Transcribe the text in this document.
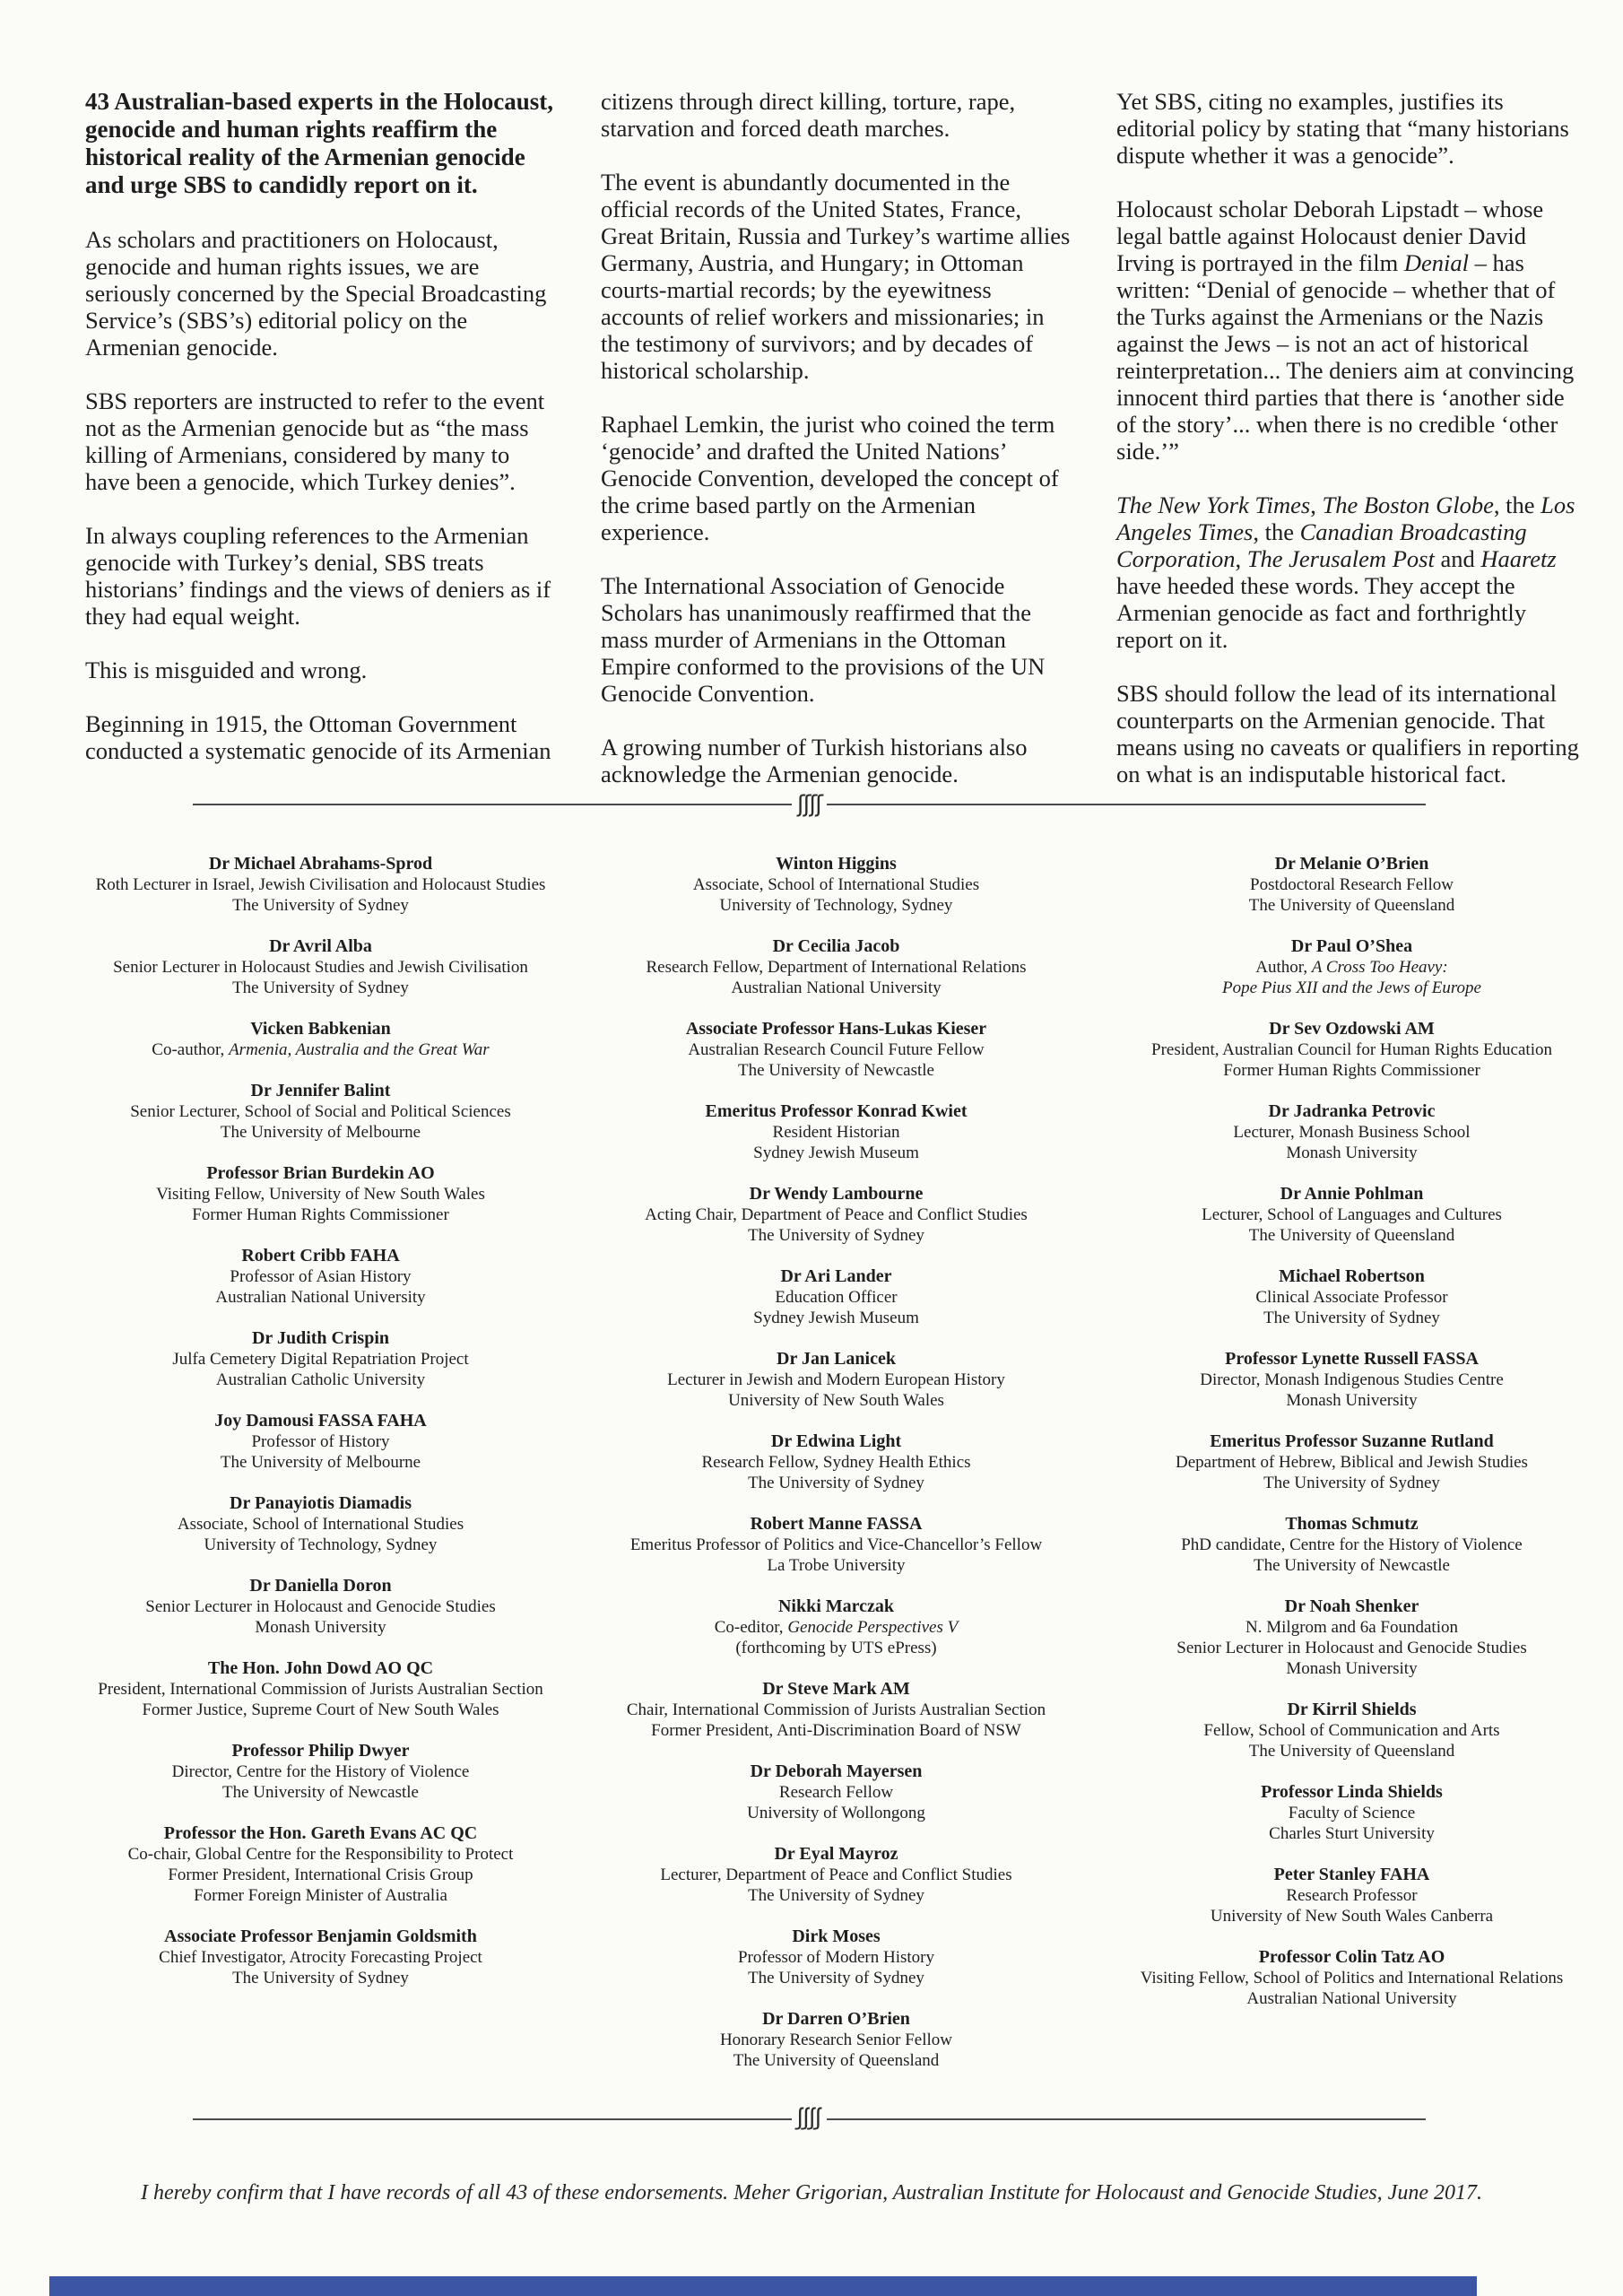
43 Australian-based experts in the Holocaust, genocide and human rights reaffirm the historical reality of the Armenian genocide and urge SBS to candidly report on it.

As scholars and practitioners on Holocaust, genocide and human rights issues, we are seriously concerned by the Special Broadcasting Service’s (SBS’s) editorial policy on the Armenian genocide.

SBS reporters are instructed to refer to the event not as the Armenian genocide but as “the mass killing of Armenians, considered by many to have been a genocide, which Turkey denies”.

In always coupling references to the Armenian genocide with Turkey’s denial, SBS treats historians’ findings and the views of deniers as if they had equal weight.

This is misguided and wrong.

Beginning in 1915, the Ottoman Government conducted a systematic genocide of its Armenian

citizens through direct killing, torture, rape, starvation and forced death marches.

The event is abundantly documented in the official records of the United States, France, Great Britain, Russia and Turkey’s wartime allies Germany, Austria, and Hungary; in Ottoman courts-martial records; by the eyewitness accounts of relief workers and missionaries; in the testimony of survivors; and by decades of historical scholarship.

Raphael Lemkin, the jurist who coined the term ‘genocide’ and drafted the United Nations’ Genocide Convention, developed the concept of the crime based partly on the Armenian experience.

The International Association of Genocide Scholars has unanimously reaffirmed that the mass murder of Armenians in the Ottoman Empire conformed to the provisions of the UN Genocide Convention.

A growing number of Turkish historians also acknowledge the Armenian genocide.

Yet SBS, citing no examples, justifies its editorial policy by stating that “many historians dispute whether it was a genocide”.

Holocaust scholar Deborah Lipstadt – whose legal battle against Holocaust denier David Irving is portrayed in the film Denial – has written: “Denial of genocide – whether that of the Turks against the Armenians or the Nazis against the Jews – is not an act of historical reinterpretation... The deniers aim at convincing innocent third parties that there is ‘another side of the story’... when there is no credible ‘other side.’”

The New York Times, The Boston Globe, the Los Angeles Times, the Canadian Broadcasting Corporation, The Jerusalem Post and Haaretz have heeded these words. They accept the Armenian genocide as fact and forthrightly report on it.

SBS should follow the lead of its international counterparts on the Armenian genocide. That means using no caveats or qualifiers in reporting on what is an indisputable historical fact.

ʃʃʃʃ
Dr Michael Abrahams-Sprod
Roth Lecturer in Israel, Jewish Civilisation and Holocaust Studies
The University of Sydney
Dr Avril Alba
Senior Lecturer in Holocaust Studies and Jewish Civilisation
The University of Sydney
Vicken Babkenian
Co-author, Armenia, Australia and the Great War
Dr Jennifer Balint
Senior Lecturer, School of Social and Political Sciences
The University of Melbourne
Professor Brian Burdekin AO
Visiting Fellow, University of New South Wales
Former Human Rights Commissioner
Robert Cribb FAHA
Professor of Asian History
Australian National University
Dr Judith Crispin
Julfa Cemetery Digital Repatriation Project
Australian Catholic University
Joy Damousi FASSA FAHA
Professor of History
The University of Melbourne
Dr Panayiotis Diamadis
Associate, School of International Studies
University of Technology, Sydney
Dr Daniella Doron
Senior Lecturer in Holocaust and Genocide Studies
Monash University
The Hon. John Dowd AO QC
President, International Commission of Jurists Australian Section
Former Justice, Supreme Court of New South Wales
Professor Philip Dwyer
Director, Centre for the History of Violence
The University of Newcastle
Professor the Hon. Gareth Evans AC QC
Co-chair, Global Centre for the Responsibility to Protect
Former President, International Crisis Group
Former Foreign Minister of Australia
Associate Professor Benjamin Goldsmith
Chief Investigator, Atrocity Forecasting Project
The University of Sydney
Winton Higgins
Associate, School of International Studies
University of Technology, Sydney
Dr Cecilia Jacob
Research Fellow, Department of International Relations
Australian National University
Associate Professor Hans-Lukas Kieser
Australian Research Council Future Fellow
The University of Newcastle
Emeritus Professor Konrad Kwiet
Resident Historian
Sydney Jewish Museum
Dr Wendy Lambourne
Acting Chair, Department of Peace and Conflict Studies
The University of Sydney
Dr Ari Lander
Education Officer
Sydney Jewish Museum
Dr Jan Lanicek
Lecturer in Jewish and Modern European History
University of New South Wales
Dr Edwina Light
Research Fellow, Sydney Health Ethics
The University of Sydney
Robert Manne FASSA
Emeritus Professor of Politics and Vice-Chancellor’s Fellow
La Trobe University
Nikki Marczak
Co-editor, Genocide Perspectives V
(forthcoming by UTS ePress)
Dr Steve Mark AM
Chair, International Commission of Jurists Australian Section
Former President, Anti-Discrimination Board of NSW
Dr Deborah Mayersen
Research Fellow
University of Wollongong
Dr Eyal Mayroz
Lecturer, Department of Peace and Conflict Studies
The University of Sydney
Dirk Moses
Professor of Modern History
The University of Sydney
Dr Darren O’Brien
Honorary Research Senior Fellow
The University of Queensland
Dr Melanie O’Brien
Postdoctoral Research Fellow
The University of Queensland
Dr Paul O’Shea
Author, A Cross Too Heavy:
Pope Pius XII and the Jews of Europe
Dr Sev Ozdowski AM
President, Australian Council for Human Rights Education
Former Human Rights Commissioner
Dr Jadranka Petrovic
Lecturer, Monash Business School
Monash University
Dr Annie Pohlman
Lecturer, School of Languages and Cultures
The University of Queensland
Michael Robertson
Clinical Associate Professor
The University of Sydney
Professor Lynette Russell FASSA
Director, Monash Indigenous Studies Centre
Monash University
Emeritus Professor Suzanne Rutland
Department of Hebrew, Biblical and Jewish Studies
The University of Sydney
Thomas Schmutz
PhD candidate, Centre for the History of Violence
The University of Newcastle
Dr Noah Shenker
N. Milgrom and 6a Foundation
Senior Lecturer in Holocaust and Genocide Studies
Monash University
Dr Kirril Shields
Fellow, School of Communication and Arts
The University of Queensland
Professor Linda Shields
Faculty of Science
Charles Sturt University
Peter Stanley FAHA
Research Professor
University of New South Wales Canberra
Professor Colin Tatz AO
Visiting Fellow, School of Politics and International Relations
Australian National University
ʃʃʃʃ
I hereby confirm that I have records of all 43 of these endorsements. Meher Grigorian, Australian Institute for Holocaust and Genocide Studies, June 2017.
